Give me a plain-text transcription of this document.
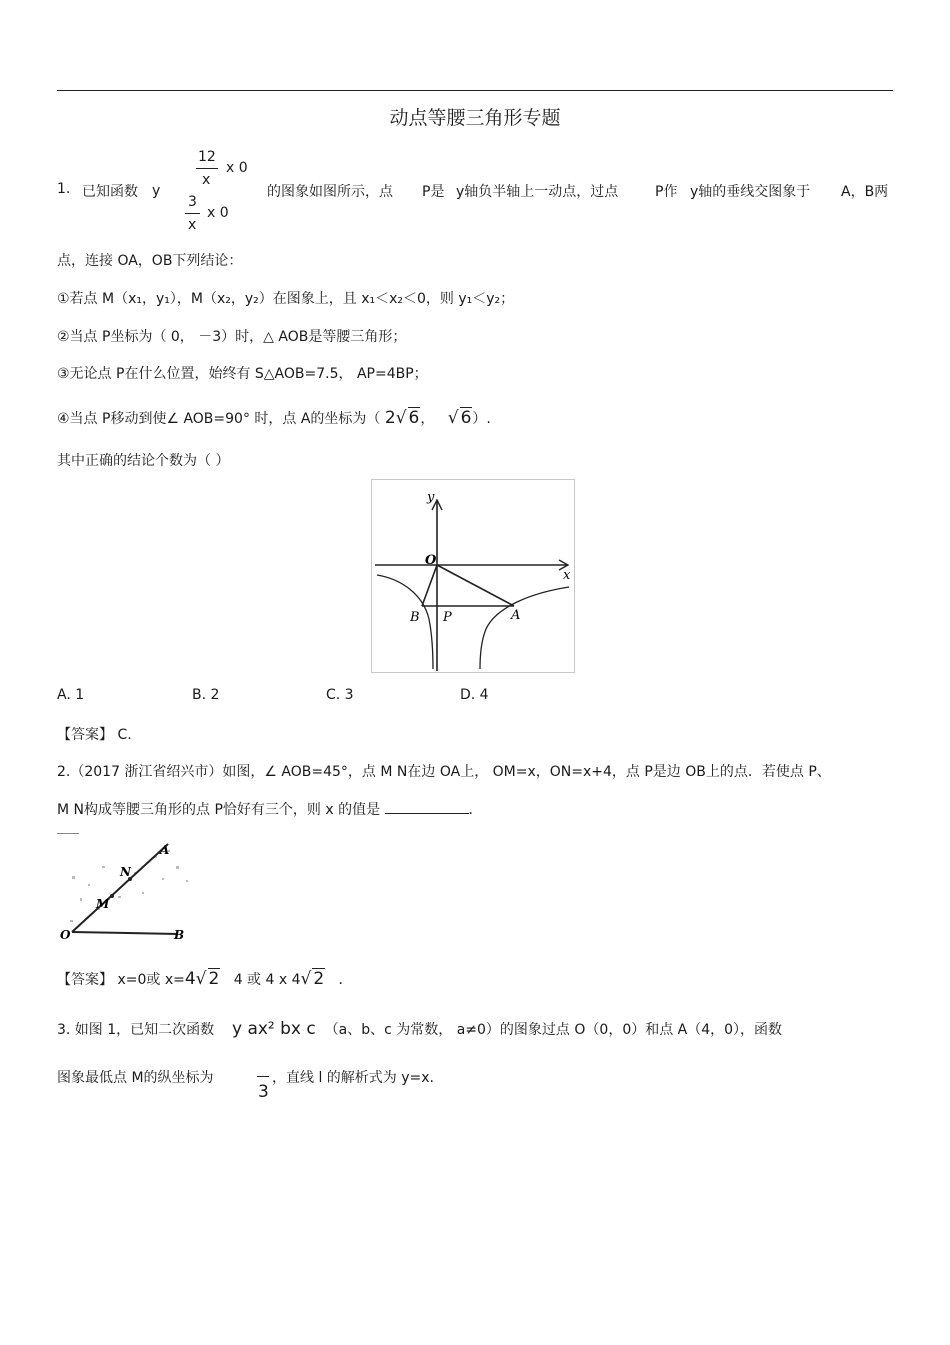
动点等腰三角形专题
1. 已知函数 y
12
x
x 0
3
x
x 0
的图象如图所示，点 P是 y轴负半轴上一动点，过点	P作 y轴的垂线交图象于 A，B两
点，连接 OA，OB下列结论：
①若点 M（x₁，y₁），M（x₂，y₂）在图象上，且 x₁＜x₂＜0，则 y₁＜y₂；
②当点 P坐标为（ 0， －3）时，△ AOB是等腰三角形；
③无论点 P在什么位置，始终有 S△AOB=7.5， AP=4BP；
④当点 P移动到使∠ AOB=90° 时，点 A的坐标为（ 2√ 6， √ 6）.
其中正确的结论个数为（ ）
y
x
O
B P	A
A. 1	B. 2	C. 3	D. 4
【答案】 C.
2.（2017 浙江省绍兴市）如图，∠ AOB=45°，点 M N在边 OA上， OM=x，ON=x+4，点 P是边 OB上的点．若使点 P、
M N构成等腰三角形的点 P恰好有三个，则 x 的值是	．
A
N
M
O	B
【答案】 x=0或 x=4√ 2 4 或 4 x 4√ 2 ．
3. 如图 1，已知二次函数 y ax² bx c （a、b、c 为常数， a≠0）的图象过点 O（0，0）和点 A（4，0），函数
图象最低点 M的纵坐标为
3
，直线 l 的解析式为 y=x.
